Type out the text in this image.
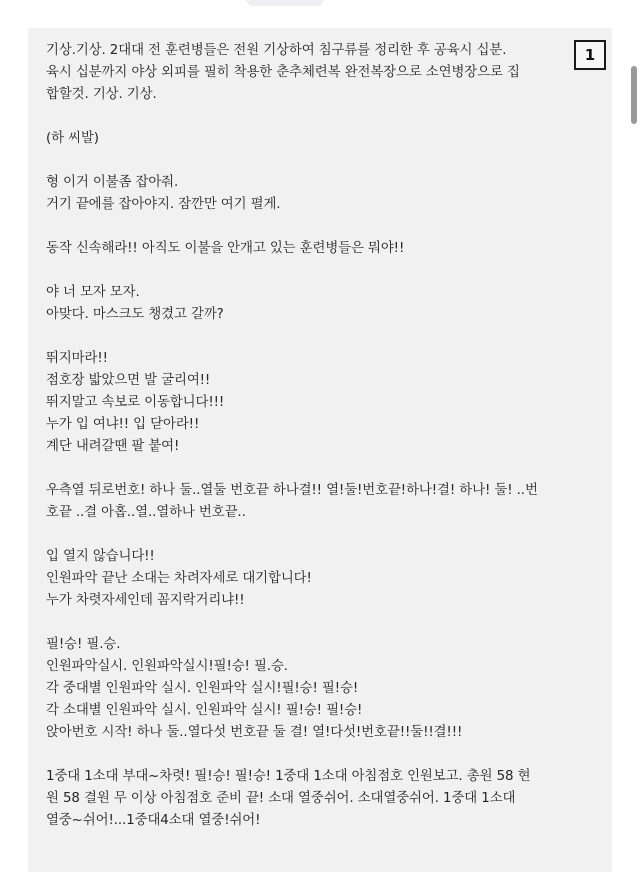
기상.기상. 2대대 전 훈련병들은 전원 기상하여 침구류를 정리한 후 공육시 십분.
육시 십분까지 야상 외피를 필히 착용한 춘추체련복 완전복장으로 소연병장으로 집
합할것. 기상. 기상.
(하 씨발)
형 이거 이불좀 잡아줘.
거기 끝에를 잡아야지. 잠깐만 여기 펼게.
동작 신속해라!! 아직도 이불을 안개고 있는 훈련병들은 뭐야!!
야 너 모자 모자.
아맞다. 마스크도 챙겼고 갈까?
뛰지마라!!
점호장 밟았으면 발 굴리여!!
뛰지말고 속보로 이동합니다!!!
누가 입 여냐!! 입 닫아라!!
계단 내려갈땐 팔 붙여!
우측열 뒤로번호! 하나 둘..열둘 번호끝 하나결!! 열!둘!번호끝!하나!결! 하나! 둘! ..번
호끝 ..결 아홉..열..열하나 번호끝..
입 열지 않습니다!!
인원파악 끝난 소대는 차려자세로 대기합니다!
누가 차렷자세인데 꼼지락거리냐!!
필!승! 필.승.
인원파악실시. 인원파악실시!필!승! 필.승.
각 중대별 인원파악 실시. 인원파악 실시!필!승! 필!승!
각 소대별 인원파악 실시. 인원파악 실시! 필!승! 필!승!
앉아번호 시작! 하나 둘..열다섯 번호끝 둘 결! 열!다섯!번호끝!!둘!!결!!!
1중대 1소대 부대~차렷! 필!승! 필!승! 1중대 1소대 아침점호 인원보고. 총원 58 현
원 58 결원 무 이상 아침점호 준비 끝! 소대 열중쉬어. 소대열중쉬어. 1중대 1소대
열중~쉬어!...1중대4소대 열중!쉬어!
1
